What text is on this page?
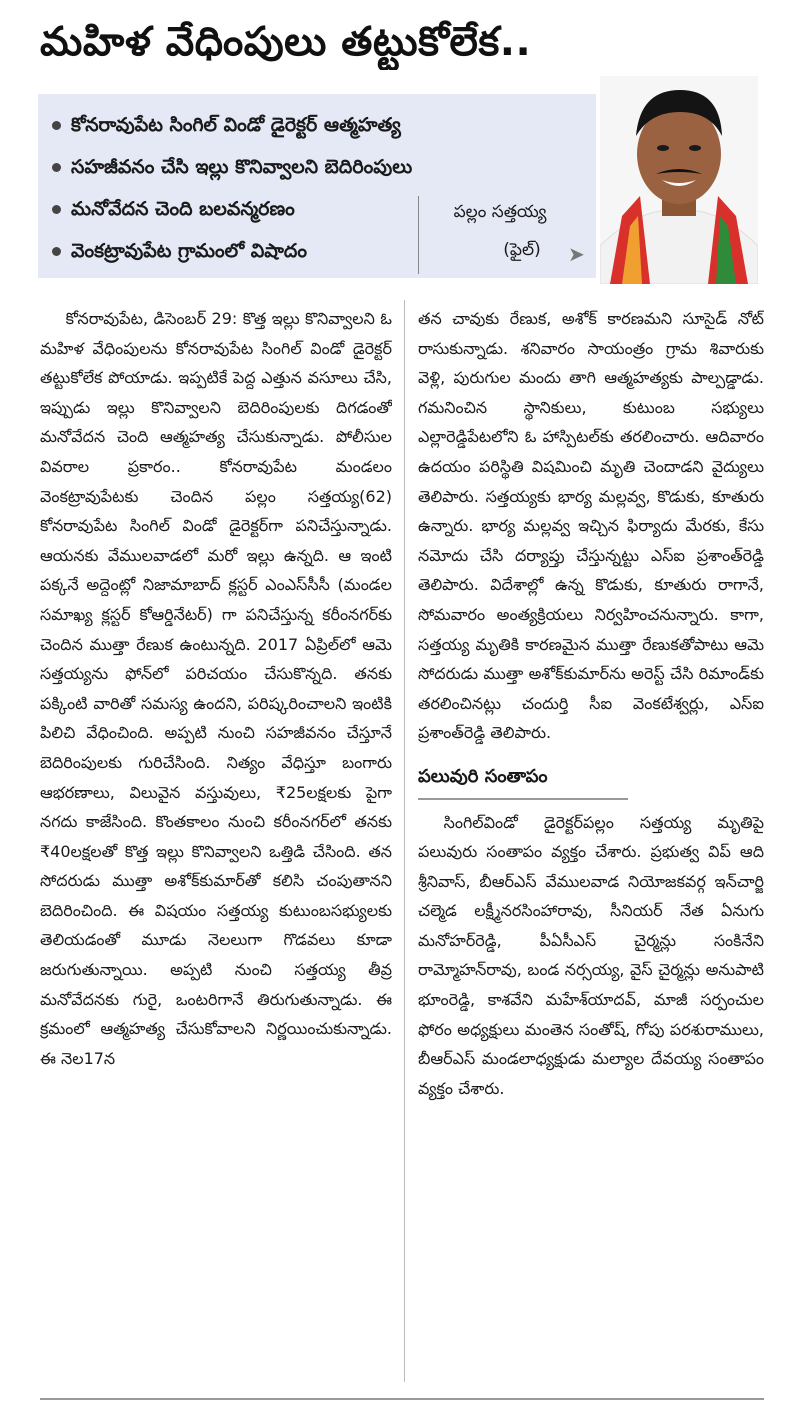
మహిళ వేధింపులు తట్టుకోలేక..
కోనరావుపేట సింగిల్ విండో డైరెక్టర్ ఆత్మహత్య
సహజీవనం చేసి ఇల్లు కొనివ్వాలని బెదిరింపులు
మనోవేదన చెంది బలవన్మరణం
వెంకట్రావుపేట గ్రామంలో విషాదం
పల్లం సత్తయ్య
(ఫైల్)	➤

కోనరావుపేట, డిసెంబర్ 29: కొత్త ఇల్లు కొనివ్వాలని ఓ మహిళ వేధింపులను కోనరావుపేట సింగిల్ విండో డైరెక్టర్ తట్టుకోలేక పోయాడు. ఇప్పటికే పెద్ద ఎత్తున వసూలు చేసి, ఇప్పుడు ఇల్లు కొనివ్వాలని బెదిరింపులకు దిగడంతో మనోవేదన చెంది ఆత్మహత్య చేసుకున్నాడు. పోలీసుల వివరాల ప్రకారం.. కోనరావుపేట మండలం వెంకట్రావుపేటకు చెందిన పల్లం సత్తయ్య(62) కోనరావుపేట సింగిల్ విండో డైరెక్టర్‌గా పనిచేస్తున్నాడు. ఆయనకు వేములవాడలో మరో ఇల్లు ఉన్నది. ఆ ఇంటి పక్కనే అద్దెంట్లో నిజామాబాద్ క్లస్టర్ ఎంఎస్‌సీసీ (మండల సమాఖ్య క్లస్టర్ కోఆర్డినేటర్) గా పనిచేస్తున్న కరీంనగర్‌కు చెందిన ముత్తా రేణుక ఉంటున్నది. 2017 ఏప్రిల్‌లో ఆమె సత్తయ్యను ఫోన్‌లో పరిచయం చేసుకొన్నది. తనకు పక్కింటి వారితో సమస్య ఉందని, పరిష్కరించాలని ఇంటికి పిలిచి వేధించింది. అప్పటి నుంచి సహజీవనం చేస్తూనే బెదిరింపులకు గురిచేసింది. నిత్యం వేధిస్తూ బంగారు ఆభరణాలు, విలువైన వస్తువులు, ₹25లక్షలకు పైగా నగదు కాజేసింది. కొంతకాలం నుంచి కరీంనగర్‌లో తనకు ₹40లక్షలతో కొత్త ఇల్లు కొనివ్వాలని ఒత్తిడి చేసింది. తన సోదరుడు ముత్తా అశోక్‌కుమార్‌తో కలిసి చంపుతానని బెదిరించింది. ఈ విషయం సత్తయ్య కుటుంబసభ్యులకు తెలియడంతో మూడు నెలలుగా గొడవలు కూడా జరుగుతున్నాయి. అప్పటి నుంచి సత్తయ్య తీవ్ర మనోవేదనకు గురై, ఒంటరిగానే తిరుగుతున్నాడు. ఈ క్రమంలో ఆత్మహత్య చేసుకోవాలని నిర్ణయించుకున్నాడు. ఈ నెల17న

తన చావుకు రేణుక, అశోక్ కారణమని సూసైడ్ నోట్ రాసుకున్నాడు. శనివారం సాయంత్రం గ్రామ శివారుకు వెళ్లి, పురుగుల మందు తాగి ఆత్మహత్యకు పాల్పడ్డాడు. గమనించిన స్థానికులు, కుటుంబ సభ్యులు ఎల్లారెడ్డిపేటలోని ఓ హాస్పిటల్‌కు తరలించారు. ఆదివారం ఉదయం పరిస్థితి విషమించి మృతి చెందాడని వైద్యులు తెలిపారు. సత్తయ్యకు భార్య మల్లవ్వ, కొడుకు, కూతురు ఉన్నారు. భార్య మల్లవ్వ ఇచ్చిన ఫిర్యాదు మేరకు, కేసు నమోదు చేసి దర్యాప్తు చేస్తున్నట్టు ఎస్ఐ ప్రశాంత్‌రెడ్డి తెలిపారు. విదేశాల్లో ఉన్న కొడుకు, కూతురు రాగానే, సోమవారం అంత్యక్రియలు నిర్వహించనున్నారు. కాగా, సత్తయ్య మృతికి కారణమైన ముత్తా రేణుకతోపాటు ఆమె సోదరుడు ముత్తా అశోక్‌కుమార్‌ను అరెస్ట్ చేసి రిమాండ్‌కు తరలించినట్లు చందుర్తి సీఐ వెంకటేశ్వర్లు, ఎస్ఐ ప్రశాంత్‌రెడ్డి తెలిపారు.

పలువురి సంతాపం

సింగిల్‌విండో డైరెక్టర్‌పల్లం సత్తయ్య మృతిపై పలువురు సంతాపం వ్యక్తం చేశారు. ప్రభుత్వ విప్ ఆది శ్రీనివాస్, బీఆర్ఎస్ వేములవాడ నియోజకవర్గ ఇన్‌చార్జి చల్మెడ లక్ష్మీనరసింహారావు, సీనియర్ నేత ఏనుగు మనోహర్‌రెడ్డి, పీఏసీఎస్ చైర్మన్లు సంకినేని రామ్మోహన్‌రావు, బండ నర్సయ్య, వైస్ చైర్మన్లు అనుపాటి భూంరెడ్డి, కాశవేని మహేశ్‌యాదవ్, మాజీ సర్పంచుల ఫోరం అధ్యక్షులు మంతెన సంతోష్, గోపు పరశురాములు, బీఆర్ఎస్ మండలాధ్యక్షుడు మల్యాల దేవయ్య సంతాపం వ్యక్తం చేశారు.
